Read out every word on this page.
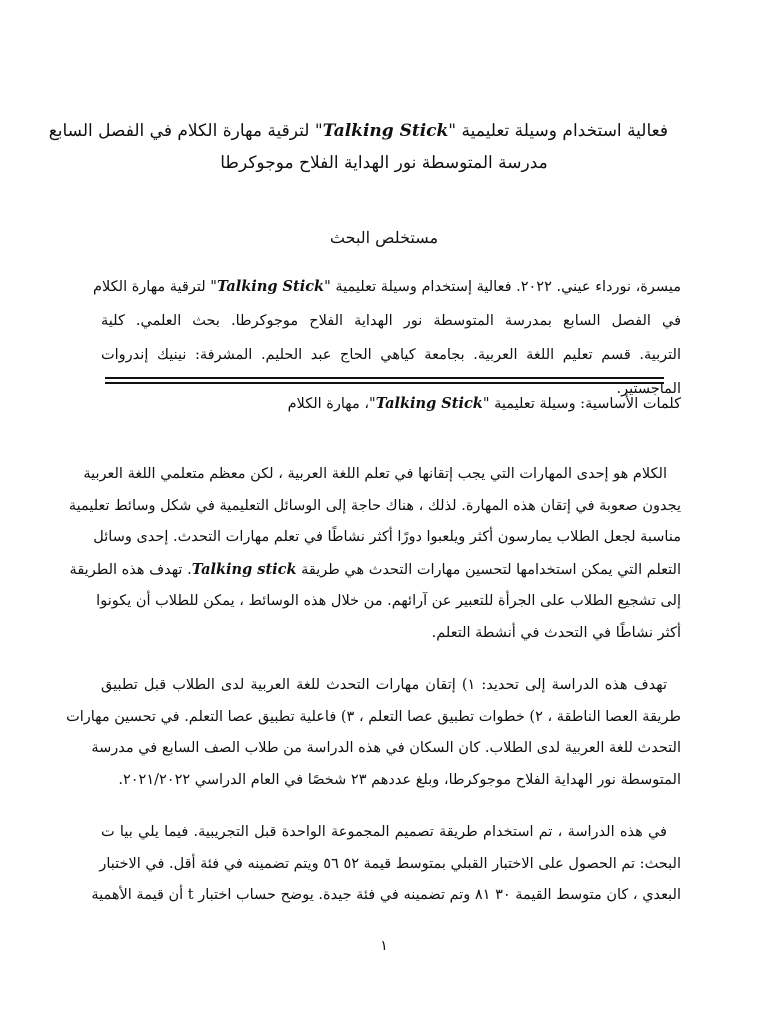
فعالية استخدام وسيلة تعليمية "Talking Stick" لترقية مهارة الكلام في الفصل السابع
مدرسة المتوسطة نور الهداية الفلاح موجوكرطا
مستخلص البحث
ميسرة، نورداء عيني. ٢٠٢٢. فعالية إستخدام وسيلة تعليمية "Talking Stick" لترقية مهارة الكلام
في الفصل السابع بمدرسة المتوسطة نور الهداية الفلاح موجوكرطا. بحث العلمي. كلية
التربية. قسم تعليم اللغة العربية. بجامعة كياهي الحاج عبد الحليم. المشرفة: نينيك إندروات
الماجستير.
كلمات الأساسية: وسيلة تعليمية "Talking Stick"، مهارة الكلام
الكلام هو إحدى المهارات التي يجب إتقانها في تعلم اللغة العربية ، لكن معظم متعلمي اللغة العربية
يجدون صعوبة في إتقان هذه المهارة. لذلك ، هناك حاجة إلى الوسائل التعليمية في شكل وسائط تعليمية
مناسبة لجعل الطلاب يمارسون أكثر ويلعبوا دورًا أكثر نشاطًا في تعلم مهارات التحدث. إحدى وسائل
التعلم التي يمكن استخدامها لتحسين مهارات التحدث هي طريقة Talking stick. تهدف هذه الطريقة
إلى تشجيع الطلاب على الجرأة للتعبير عن آرائهم. من خلال هذه الوسائط ، يمكن للطلاب أن يكونوا
أكثر نشاطًا في التحدث في أنشطة التعلم.
تهدف هذه الدراسة إلى تحديد: ١) إتقان مهارات التحدث للغة العربية لدى الطلاب قبل تطبيق
طريقة العصا الناطقة ، ٢) خطوات تطبيق عصا التعلم ، ٣) فاعلية تطبيق عصا التعلم. في تحسين مهارات
التحدث للغة العربية لدى الطلاب. كان السكان في هذه الدراسة من طلاب الصف السابع في مدرسة
المتوسطة نور الهداية الفلاح موجوكرطا، وبلغ عددهم ٢٣ شخصًا في العام الدراسي ٢٠٢١/٢٠٢٢.
في هذه الدراسة ، تم استخدام طريقة تصميم المجموعة الواحدة قبل التجريبية. فيما يلي بيا ت
البحث: تم الحصول على الاختبار القبلي بمتوسط قيمة ٥٢ ٥٦ ويتم تضمينه في فئة أقل. في الاختبار
البعدي ، كان متوسط القيمة ٣٠ ٨١ وتم تضمينه في فئة جيدة. يوضح حساب اختبار t أن قيمة الأهمية
١
